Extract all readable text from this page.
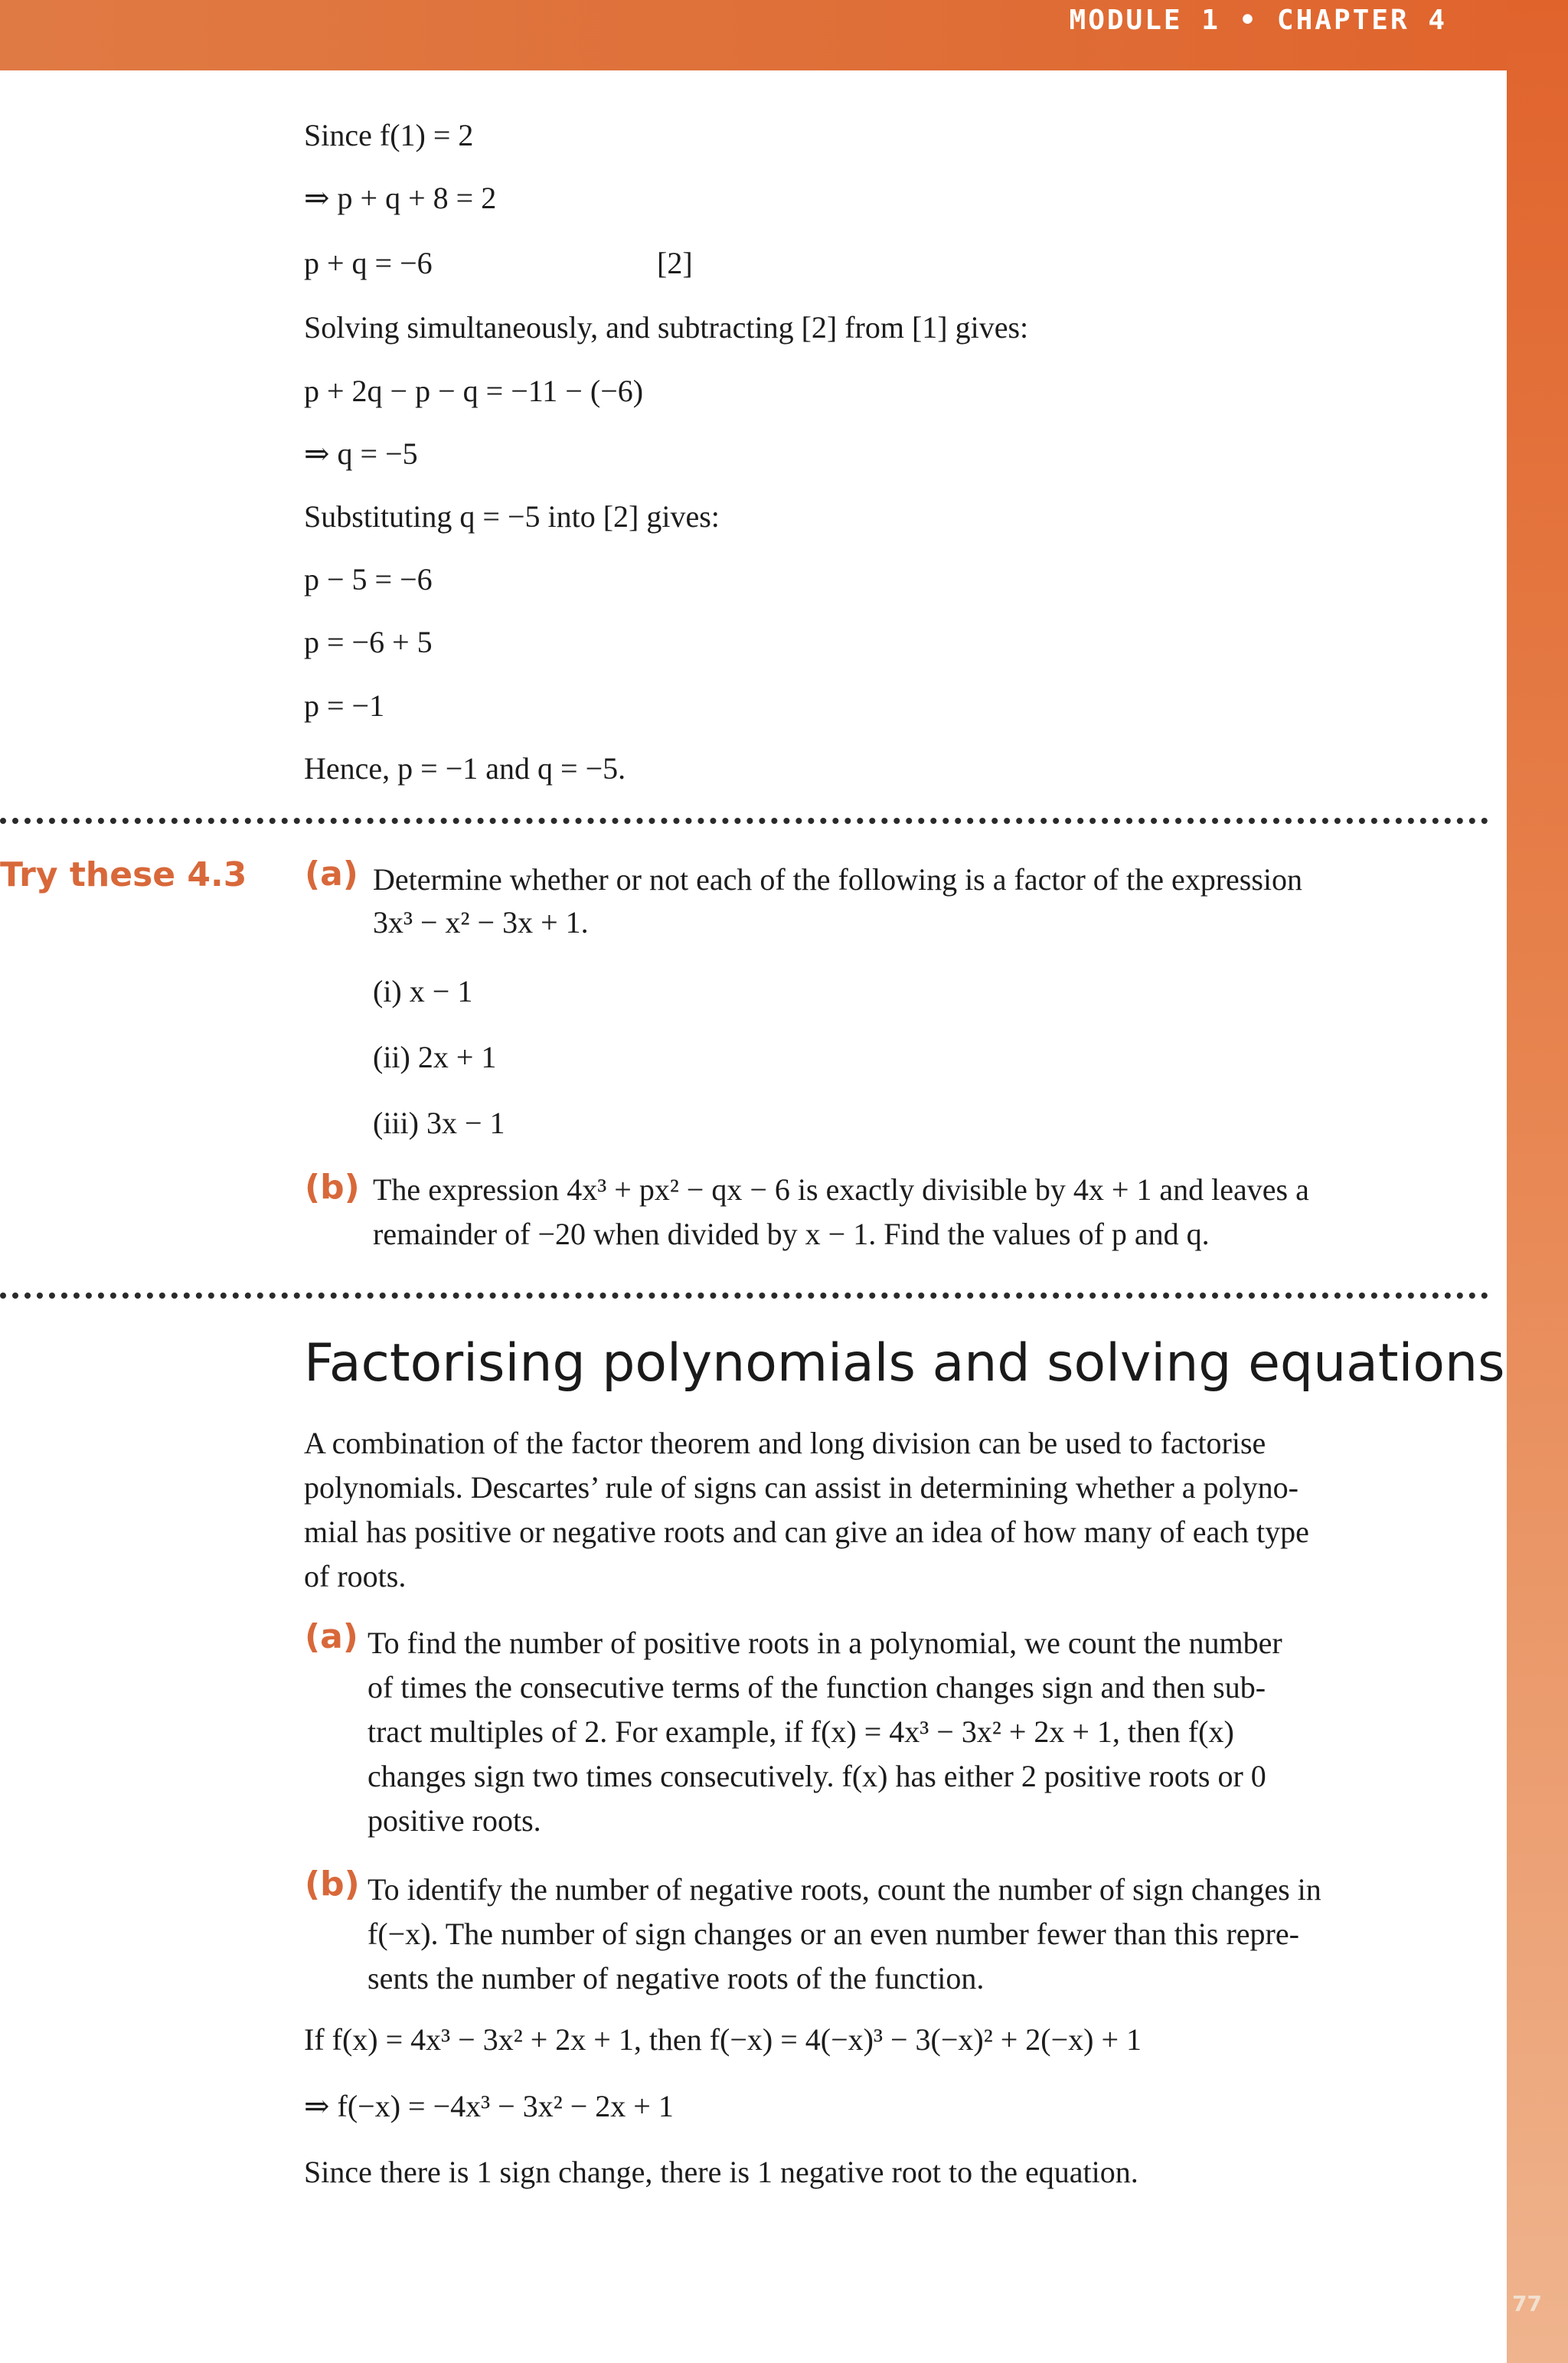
MODULE 1 • CHAPTER 4
77
Since f(1) = 2
⇒ p + q + 8 = 2
p + q = −6	[2]
Solving simultaneously, and subtracting [2] from [1] gives:
p + 2q − p − q = −11 − (−6)
⇒ q = −5
Substituting q = −5 into [2] gives:
p − 5 = −6
p = −6 + 5
p = −1
Hence, p = −1 and q = −5.
Try these 4.3 (a) Determine whether or not each of the following is a factor of the expression
3x³ − x² − 3x + 1.
(i) x − 1
(ii) 2x + 1
(iii) 3x − 1
(b) The expression 4x³ + px² − qx − 6 is exactly divisible by 4x + 1 and leaves a
remainder of −20 when divided by x − 1. Find the values of p and q.
Factorising polynomials and solving equations
A combination of the factor theorem and long division can be used to factorise
polynomials. Descartes’ rule of signs can assist in determining whether a polyno-
mial has positive or negative roots and can give an idea of how many of each type
of roots.
(a) To find the number of positive roots in a polynomial, we count the number
of times the consecutive terms of the function changes sign and then sub-
tract multiples of 2. For example, if f(x) = 4x³ − 3x² + 2x + 1, then f(x)
changes sign two times consecutively. f(x) has either 2 positive roots or 0
positive roots.
(b) To identify the number of negative roots, count the number of sign changes in
f(−x). The number of sign changes or an even number fewer than this repre-
sents the number of negative roots of the function.
If f(x) = 4x³ − 3x² + 2x + 1, then f(−x) = 4(−x)³ − 3(−x)² + 2(−x) + 1
⇒ f(−x) = −4x³ − 3x² − 2x + 1
Since there is 1 sign change, there is 1 negative root to the equation.
